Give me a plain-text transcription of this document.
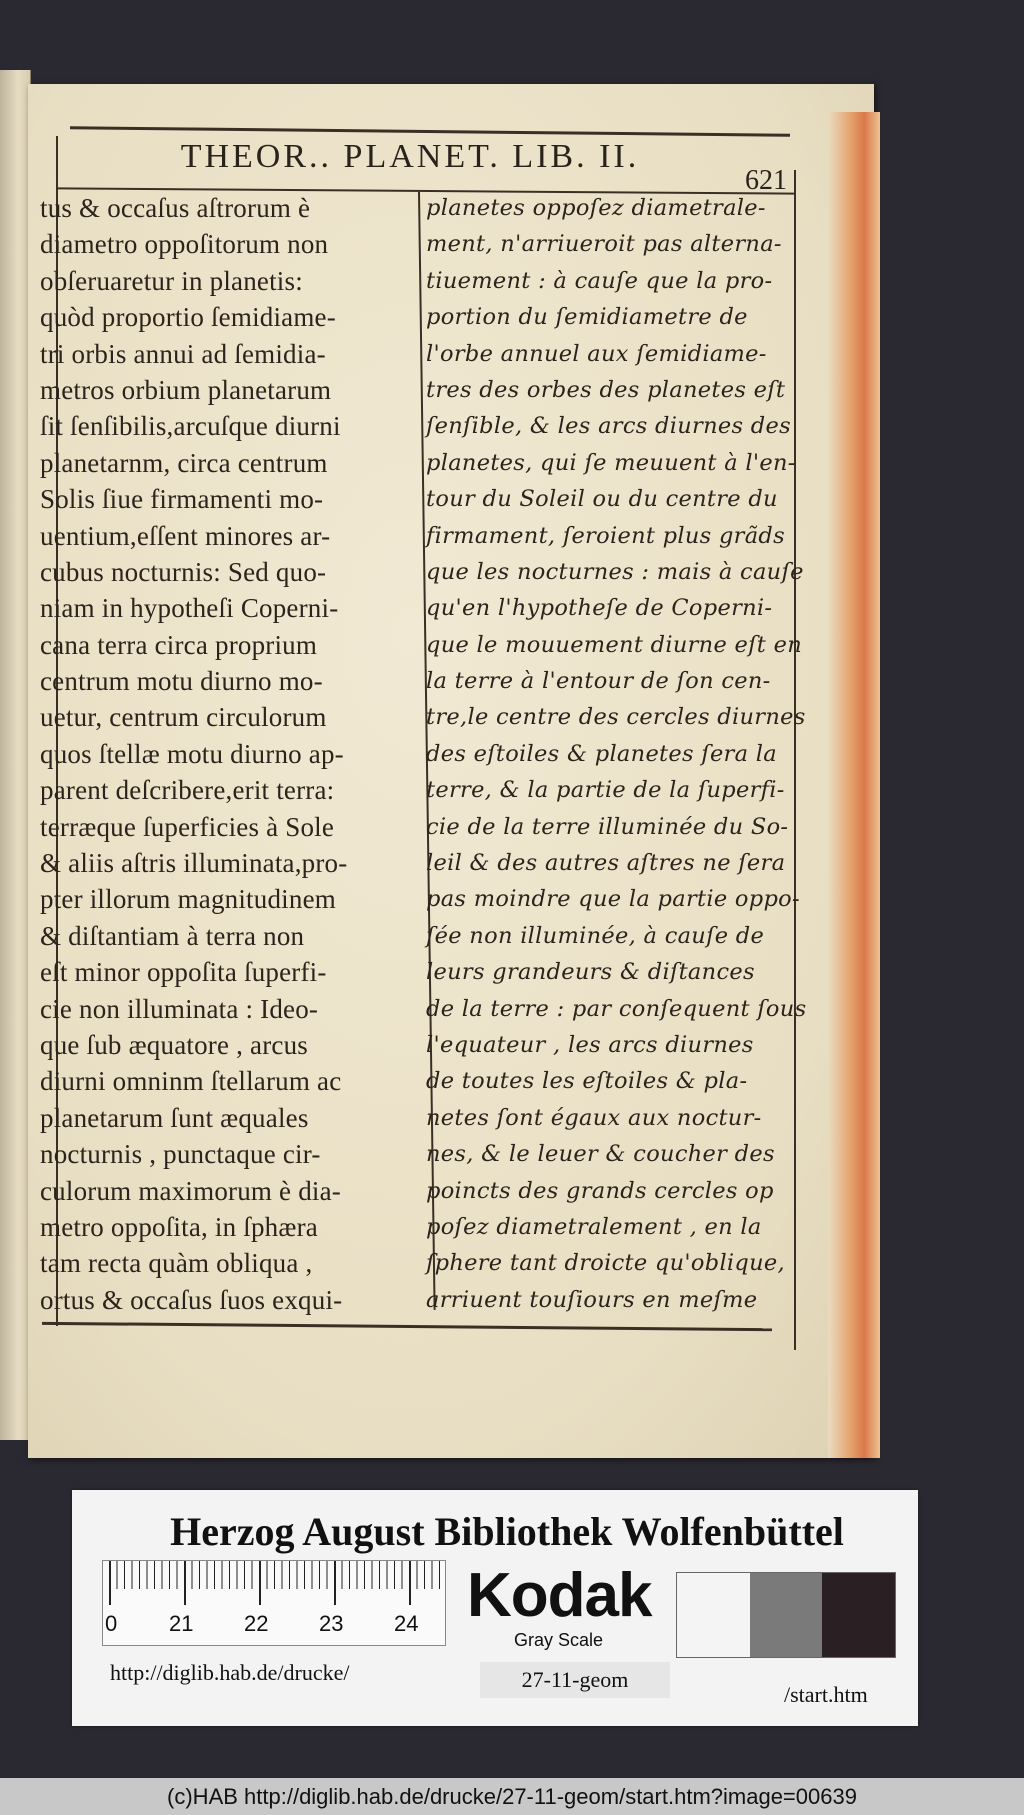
THEOR.. PLANET. LIB. II.
621
tus & occaſus aſtrorum è
diametro oppoſitorum non
obſeruaretur in planetis:
quòd proportio ſemidiame-
tri orbis annui ad ſemidia-
metros orbium planetarum
ſit ſenſibilis,arcuſque diurni
planetarnm, circa centrum
Solis ſiue firmamenti mo-
uentium,eſſent minores ar-
cubus nocturnis: Sed quo-
niam in hypotheſi Coperni-
cana terra circa proprium
centrum motu diurno mo-
uetur, centrum circulorum
quos ſtellæ motu diurno ap-
parent deſcribere,erit terra:
terræque ſuperficies à Sole
& aliis aſtris illuminata,pro-
pter illorum magnitudinem
& diſtantiam à terra non
eſt minor oppoſita ſuperfi-
cie non illuminata : Ideo-
que ſub æquatore , arcus
diurni omninm ſtellarum ac
planetarum ſunt æquales
nocturnis , punctaque cir-
culorum maximorum è dia-
metro oppoſita, in ſphæra
tam recta quàm obliqua ,
ortus & occaſus ſuos exqui-
planetes oppoſez diametrale-
ment, n'arriueroit pas alterna-
tiuement : à cauſe que la pro-
portion du ſemidiametre de
l'orbe annuel aux ſemidiame-
tres des orbes des planetes eſt
ſenſible, & les arcs diurnes des
planetes, qui ſe meuuent à l'en-
tour du Soleil ou du centre du
firmament, ſeroient plus grãds
que les nocturnes : mais à cauſe
qu'en l'hypotheſe de Coperni-
que le mouuement diurne eſt en
la terre à l'entour de ſon cen-
tre,le centre des cercles diurnes
des eſtoiles & planetes ſera la
terre, & la partie de la ſuperfi-
cie de la terre illuminée du So-
leil & des autres aſtres ne ſera
pas moindre que la partie oppo-
ſée non illuminée, à cauſe de
leurs grandeurs & diſtances
de la terre : par conſequent ſous
l'equateur , les arcs diurnes
de toutes les eſtoiles & pla-
netes ſont égaux aux noctur-
nes, & le leuer & coucher des
poincts des grands cercles op
poſez diametralement , en la
ſphere tant droicte qu'oblique,
arriuent touſiours en meſme
Herzog August Bibliothek Wolfenbüttel
0 21 22 23 24 Kodak
Gray Scale
http://diglib.hab.de/drucke/	27-11-geom
/start.htm
(c)HAB http://diglib.hab.de/drucke/27-11-geom/start.htm?image=00639
